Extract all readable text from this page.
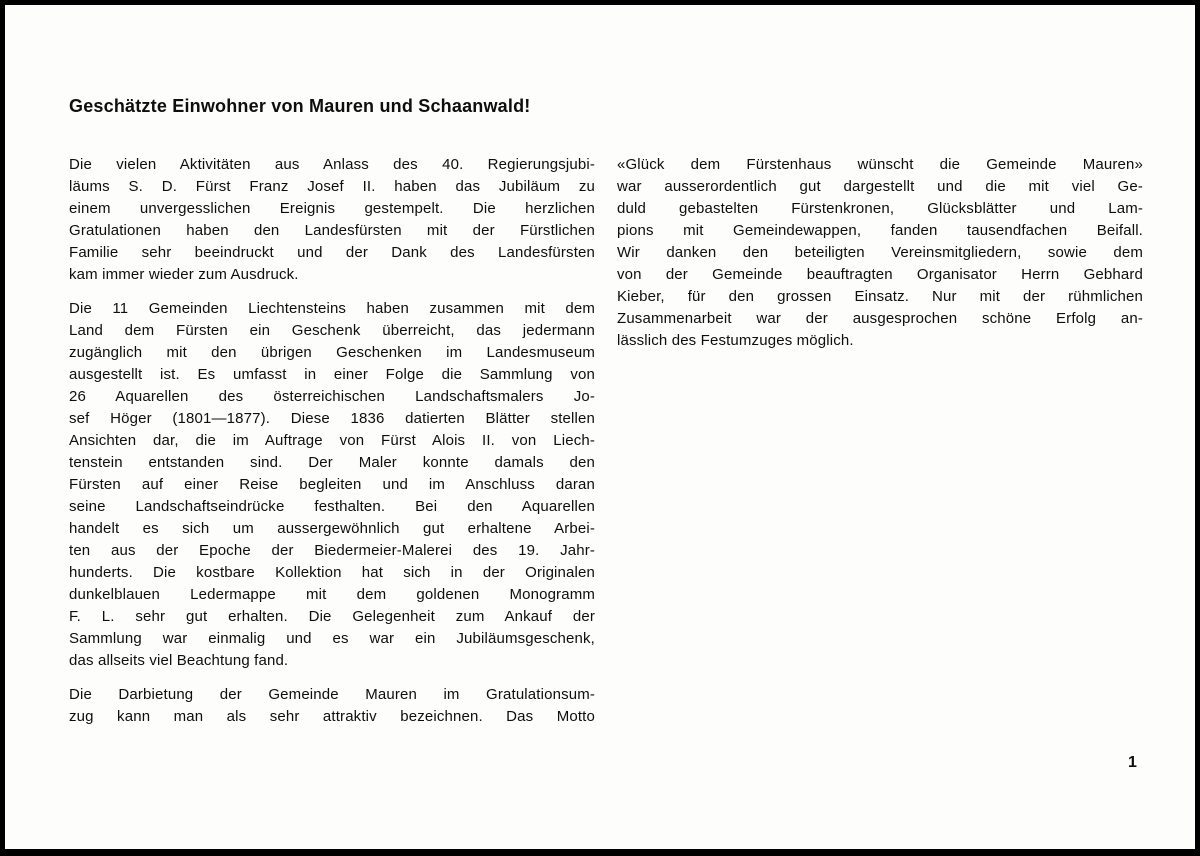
Geschätzte Einwohner von Mauren und Schaanwald!
Die vielen Aktivitäten aus Anlass des 40. Regierungsjubi-
läums S. D. Fürst Franz Josef II. haben das Jubiläum zu
einem unvergesslichen Ereignis gestempelt. Die herzlichen
Gratulationen haben den Landesfürsten mit der Fürstlichen
Familie sehr beeindruckt und der Dank des Landesfürsten
kam immer wieder zum Ausdruck.
Die 11 Gemeinden Liechtensteins haben zusammen mit dem
Land dem Fürsten ein Geschenk überreicht, das jedermann
zugänglich mit den übrigen Geschenken im Landesmuseum
ausgestellt ist. Es umfasst in einer Folge die Sammlung von
26 Aquarellen des österreichischen Landschaftsmalers Jo-
sef Höger (1801—1877). Diese 1836 datierten Blätter stellen
Ansichten dar, die im Auftrage von Fürst Alois II. von Liech-
tenstein entstanden sind. Der Maler konnte damals den
Fürsten auf einer Reise begleiten und im Anschluss daran
seine Landschaftseindrücke festhalten. Bei den Aquarellen
handelt es sich um aussergewöhnlich gut erhaltene Arbei-
ten aus der Epoche der Biedermeier-Malerei des 19. Jahr-
hunderts. Die kostbare Kollektion hat sich in der Originalen
dunkelblauen Ledermappe mit dem goldenen Monogramm
F. L. sehr gut erhalten. Die Gelegenheit zum Ankauf der
Sammlung war einmalig und es war ein Jubiläumsgeschenk,
das allseits viel Beachtung fand.
Die Darbietung der Gemeinde Mauren im Gratulationsum-
zug kann man als sehr attraktiv bezeichnen. Das Motto
«Glück dem Fürstenhaus wünscht die Gemeinde Mauren»
war ausserordentlich gut dargestellt und die mit viel Ge-
duld gebastelten Fürstenkronen, Glücksblätter und Lam-
pions mit Gemeindewappen, fanden tausendfachen Beifall.
Wir danken den beteiligten Vereinsmitgliedern, sowie dem
von der Gemeinde beauftragten Organisator Herrn Gebhard
Kieber, für den grossen Einsatz. Nur mit der rühmlichen
Zusammenarbeit war der ausgesprochen schöne Erfolg an-
lässlich des Festumzuges möglich.
1
